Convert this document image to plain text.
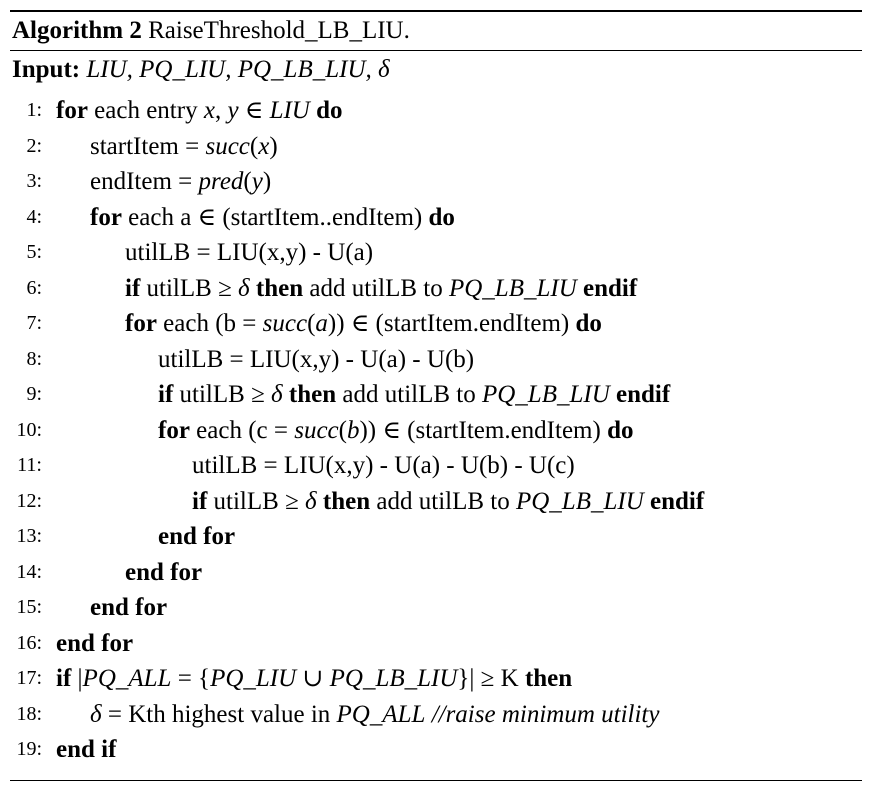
Algorithm 2 RaiseThreshold_LB_LIU.
Input: LIU, PQ_LIU, PQ_LB_LIU, δ
1: for each entry x, y ∈ LIU do
2: startItem = succ(x)
3: endItem = pred(y)
4: for each a ∈ (startItem..endItem) do
5:	utilLB = LIU(x,y) - U(a)
6:	if utilLB ≥ δ then add utilLB to PQ_LB_LIU endif
7:	for each (b = succ(a)) ∈ (startItem.endItem) do
8:	utilLB = LIU(x,y) - U(a) - U(b)
9:	if utilLB ≥ δ then add utilLB to PQ_LB_LIU endif
10:	for each (c = succ(b)) ∈ (startItem.endItem) do
11:	utilLB = LIU(x,y) - U(a) - U(b) - U(c)
12:	if utilLB ≥ δ then add utilLB to PQ_LB_LIU endif
13:	end for
14:	end for
15: end for
16: end for
17: if |PQ_ALL = {PQ_LIU ∪ PQ_LB_LIU}| ≥ K then
18: δ = Kth highest value in PQ_ALL //raise minimum utility
19: end if
